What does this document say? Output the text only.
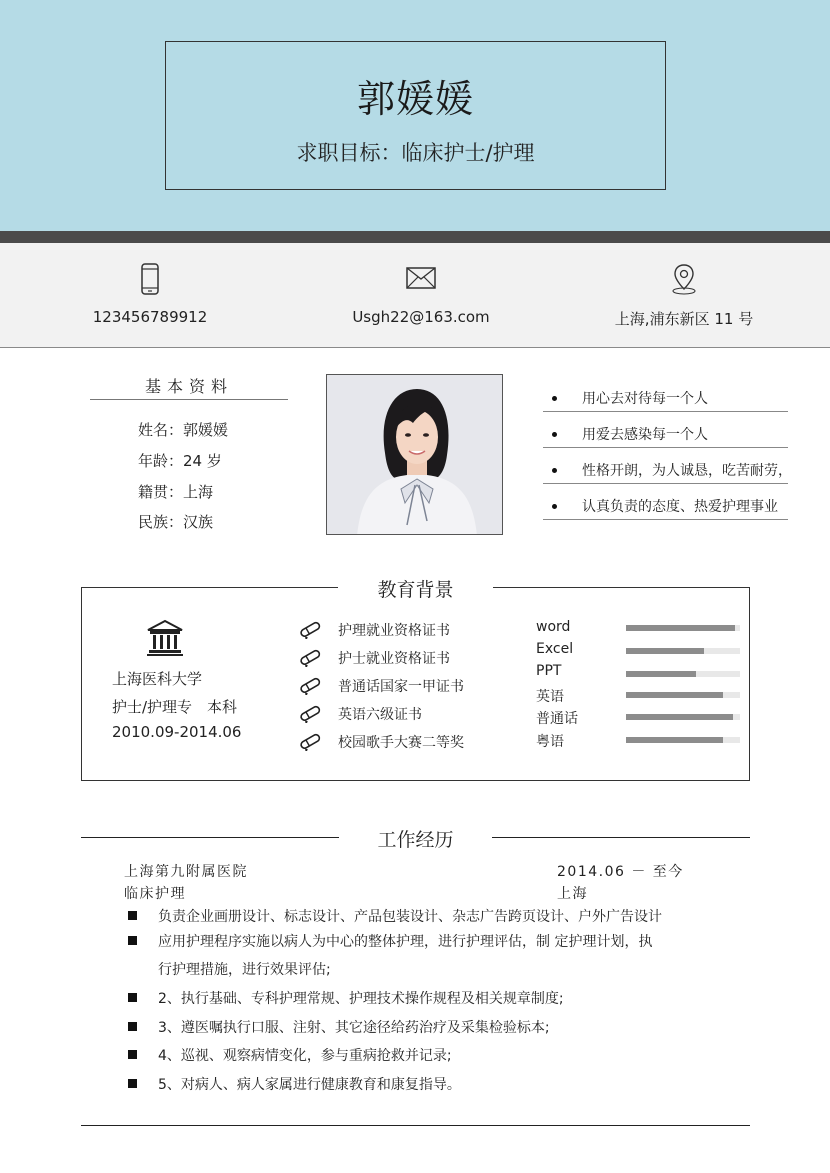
郭媛媛
求职目标：临床护士/护理
123456789912	Usgh22@163.com	上海,浦东新区 11 号
基本资料
姓名：郭媛媛
年龄：24 岁
籍贯：上海
民族：汉族
用心去对待每一个人
用爱去感染每一个人
性格开朗，为人诚恳，吃苦耐劳，
认真负责的态度、热爱护理事业
教育背景
上海医科大学
护士/护理专　本科
2010.09-2014.06
护理就业资格证书
护士就业资格证书
普通话国家一甲证书
英语六级证书
校园歌手大赛二等奖
word
Excel
PPT
英语
普通话
粤语
工作经历
上海第九附属医院
临床护理
2014.06 － 至今
上海
负责企业画册设计、标志设计、产品包装设计、杂志广告跨页设计、户外广告设计
应用护理程序实施以病人为中心的整体护理，进行护理评估，制 定护理计划，执
行护理措施，进行效果评估;
2、执行基础、专科护理常规、护理技术操作规程及相关规章制度;
3、遵医嘱执行口服、注射、其它途径给药治疗及采集检验标本;
4、巡视、观察病情变化，参与重病抢救并记录;
5、对病人、病人家属进行健康教育和康复指导。
